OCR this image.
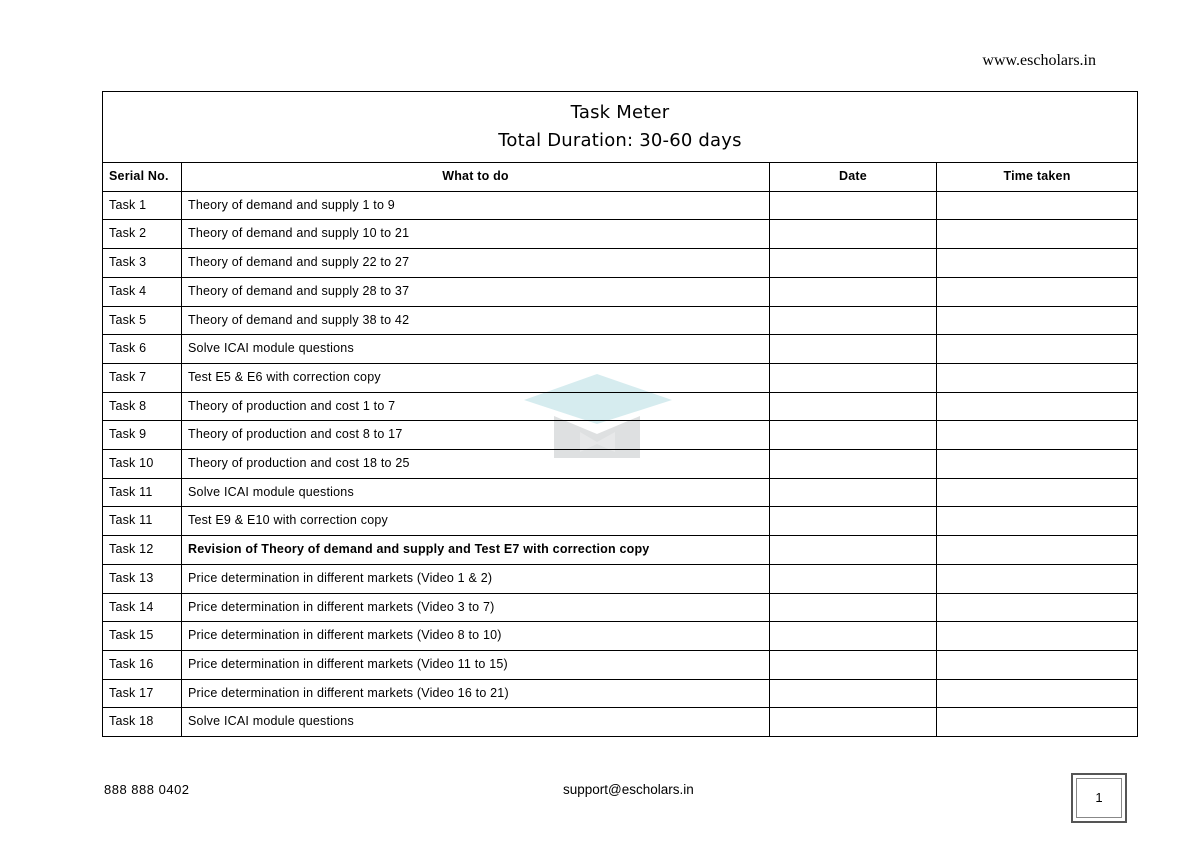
www.escholars.in
Task Meter
Total Duration: 30-60 days			

Serial No.	What to do	Date	Time taken
Task 1	Theory of demand and supply 1 to 9		
Task 2	Theory of demand and supply 10 to 21		
Task 3	Theory of demand and supply 22 to 27		
Task 4	Theory of demand and supply 28 to 37		
Task 5	Theory of demand and supply 38 to 42		
Task 6	Solve ICAI module questions		
Task 7	Test E5 & E6 with correction copy		
Task 8	Theory of production and cost 1 to 7		
Task 9	Theory of production and cost 8 to 17		
Task 10	Theory of production and cost 18 to 25		
Task 11	Solve ICAI module questions		
Task 11	Test E9 & E10 with correction copy		
Task 12	Revision of Theory of demand and supply and Test E7 with correction copy		
Task 13	Price determination in different markets (Video 1 & 2)		
Task 14	Price determination in different markets (Video 3 to 7)		
Task 15	Price determination in different markets (Video 8 to 10)		
Task 16	Price determination in different markets (Video 11 to 15)		
Task 17	Price determination in different markets (Video 16 to 21)		
Task 18	Solve ICAI module questions		
888 888 0402	support@escholars.in
1
